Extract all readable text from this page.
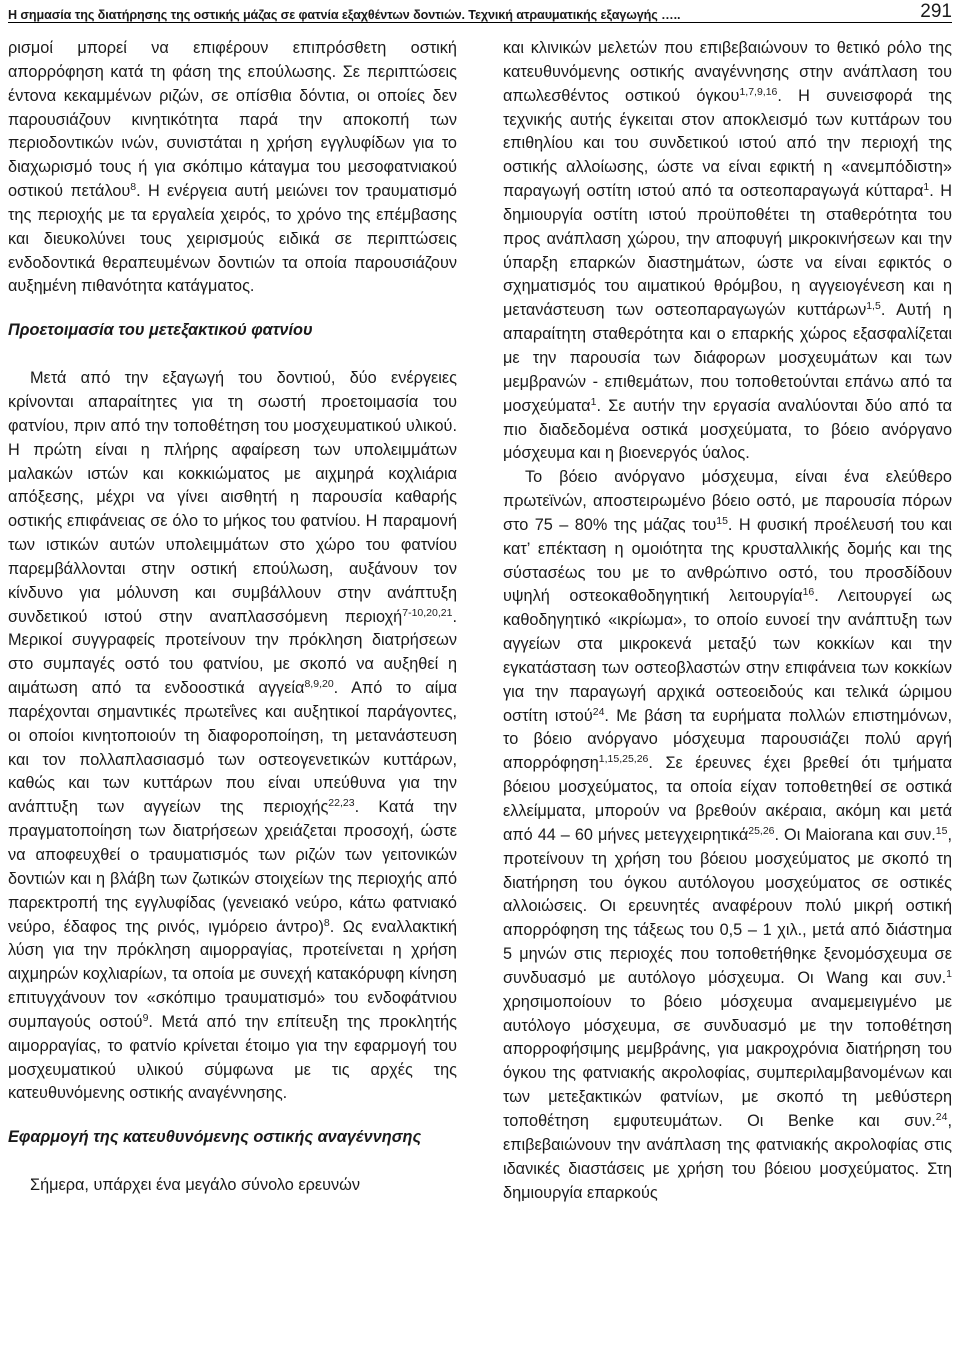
Η σημασία της διατήρησης της οστικής μάζας σε φατνία εξαχθέντων δοντιών. Τεχνική ατραυματικής εξαγωγής …..	291

ρισμοί μπορεί να επιφέρουν επιπρόσθετη οστική απορρόφηση κατά τη φάση της επούλωσης. Σε περιπτώσεις έντονα κεκαμμένων ριζών, σε οπίσθια δόντια, οι οποίες δεν παρουσιάζουν κινητικότητα παρά την αποκοπή των περιοδοντικών ινών, συνιστάται η χρήση εγγλυφίδων για το διαχωρισμό τους ή για σκόπιμο κάταγμα του μεσοφατνιακού οστικού πετάλου$^8$. Η ενέργεια αυτή μειώνει τον τραυματισμό της περιοχής με τα εργαλεία χειρός, το χρόνο της επέμβασης και διευκολύνει τους χειρισμούς ειδικά σε περιπτώσεις ενδοδοντικά θεραπευμένων δοντιών τα οποία παρουσιάζουν αυξημένη πιθανότητα κατάγματος.

Προετοιμασία του μετεξακτικού φατνίου

Μετά από την εξαγωγή του δοντιού, δύο ενέργειες κρίνονται απαραίτητες για τη σωστή προετοιμασία του φατνίου, πριν από την τοποθέτηση του μοσχευματικού υλικού. Η πρώτη είναι η πλήρης αφαίρεση των υπολειμμάτων μαλακών ιστών και κοκκιώματος με αιχμηρά κοχλιάρια απόξεσης, μέχρι να γίνει αισθητή η παρουσία καθαρής οστικής επιφάνειας σε όλο το μήκος του φατνίου. Η παραμονή των ιστικών αυτών υπολειμμάτων στο χώρο του φατνίου παρεμβάλλονται στην οστική επούλωση, αυξάνουν τον κίνδυνο για μόλυνση και συμβάλλουν στην ανάπτυξη συνδετικού ιστού στην αναπλασσόμενη περιοχή$^{7-10,20,21}$. Μερικοί συγγραφείς προτείνουν την πρόκληση διατρήσεων στο συμπαγές οστό του φατνίου, με σκοπό να αυξηθεί η αιμάτωση από τα ενδοοστικά αγγεία$^{8,9,20}$. Από το αίμα παρέχονται σημαντικές πρωτεΐνες και αυξητικοί παράγοντες, οι οποίοι κινητοποιούν τη διαφοροποίηση, τη μετανάστευση και τον πολλαπλασιασμό των οστεογενετικών κυττάρων, καθώς και των κυττάρων που είναι υπεύθυνα για την ανάπτυξη των αγγείων της περιοχής$^{22,23}$. Κατά την πραγματοποίηση των διατρήσεων χρειάζεται προσοχή, ώστε να αποφευχθεί ο τραυματισμός των ριζών των γειτονικών δοντιών και η βλάβη των ζωτικών στοιχείων της περιοχής από παρεκτροπή της εγγλυφίδας (γενειακό νεύρο, κάτω φατνιακό νεύρο, έδαφος της ρινός, ιγμόρειο άντρο)$^8$. Ως εναλλακτική λύση για την πρόκληση αιμορραγίας, προτείνεται η χρήση αιχμηρών κοχλιαρίων, τα οποία με συνεχή κατακόρυφη κίνηση επιτυγχάνουν τον «σκόπιμο τραυματισμό» του ενδοφάτνιου συμπαγούς οστού$^9$. Μετά από την επίτευξη της προκλητής αιμορραγίας, το φατνίο κρίνεται έτοιμο για την εφαρμογή του μοσχευματικού υλικού σύμφωνα με τις αρχές της κατευθυνόμενης οστικής αναγέννησης.

Εφαρμογή της κατευθυνόμενης οστικής αναγέννησης

Σήμερα, υπάρχει ένα μεγάλο σύνολο ερευνών

και κλινικών μελετών που επιβεβαιώνουν το θετικό ρόλο της κατευθυνόμενης οστικής αναγέννησης στην ανάπλαση του απωλεσθέντος οστικού όγκου$^{1,7,9,16}$. Η συνεισφορά της τεχνικής αυτής έγκειται στον αποκλεισμό των κυττάρων του επιθηλίου και του συνδετικού ιστού από την περιοχή της οστικής αλλοίωσης, ώστε να είναι εφικτή η «ανεμπόδιστη» παραγωγή οστίτη ιστού από τα οστεοπαραγωγά κύτταρα$^1$. Η δημιουργία οστίτη ιστού προϋποθέτει τη σταθερότητα του προς ανάπλαση χώρου, την αποφυγή μικροκινήσεων και την ύπαρξη επαρκών διαστημάτων, ώστε να είναι εφικτός ο σχηματισμός του αιματικού θρόμβου, η αγγειογένεση και η μετανάστευση των οστεοπαραγωγών κυττάρων$^{1,5}$. Αυτή η απαραίτητη σταθερότητα και ο επαρκής χώρος εξασφαλίζεται με την παρουσία των διάφορων μοσχευμάτων και των μεμβρανών - επιθεμάτων, που τοποθετούνται επάνω από τα μοσχεύματα$^1$. Σε αυτήν την εργασία αναλύονται δύο από τα πιο διαδεδομένα οστικά μοσχεύματα, το βόειο ανόργανο μόσχευμα και η βιοενεργός ύαλος.

Το βόειο ανόργανο μόσχευμα, είναι ένα ελεύθερο πρωτεϊνών, αποστειρωμένο βόειο οστό, με παρουσία πόρων στο 75 – 80% της μάζας του$^{15}$. Η φυσική προέλευσή του και κατ’ επέκταση η ομοιότητα της κρυσταλλικής δομής και της σύστασέως του με το ανθρώπινο οστό, του προσδίδουν υψηλή οστεοκαθοδηγητική λειτουργία$^{16}$. Λειτουργεί ως καθοδηγητικό «ικρίωμα», το οποίο ευνοεί την ανάπτυξη των αγγείων στα μικροκενά μεταξύ των κοκκίων και την εγκατάσταση των οστεοβλαστών στην επιφάνεια των κοκκίων για την παραγωγή αρχικά οστεοειδούς και τελικά ώριμου οστίτη ιστού$^{24}$. Με βάση τα ευρήματα πολλών επιστημόνων, το βόειο ανόργανο μόσχευμα παρουσιάζει πολύ αργή απορρόφηση$^{1,15,25,26}$. Σε έρευνες έχει βρεθεί ότι τμήματα βόειου μοσχεύματος, τα οποία είχαν τοποθετηθεί σε οστικά ελλείμματα, μπορούν να βρεθούν ακέραια, ακόμη και μετά από 44 – 60 μήνες μετεγχειρητικά$^{25,26}$. Οι Maiorana και συν.$^{15}$, προτείνουν τη χρήση του βόειου μοσχεύματος με σκοπό τη διατήρηση του όγκου αυτόλογου μοσχεύματος σε οστικές αλλοιώσεις. Οι ερευνητές αναφέρουν πολύ μικρή οστική απορρόφηση της τάξεως του 0,5 – 1 χιλ., μετά από διάστημα 5 μηνών στις περιοχές που τοποθετήθηκε ξενομόσχευμα σε συνδυασμό με αυτόλογο μόσχευμα. Οι Wang και συν.$^1$ χρησιμοποίουν το βόειο μόσχευμα αναμεμειγμένο με αυτόλογο μόσχευμα, σε συνδυασμό με την τοποθέτηση απορροφήσιμης μεμβράνης, για μακροχρόνια διατήρηση του όγκου της φατνιακής ακρολοφίας, συμπεριλαμβανομένων και των μετεξακτικών φατνίων, με σκοπό τη μεθύστερη τοποθέτηση εμφυτευμάτων. Οι Benke και συν.$^{24}$, επιβεβαιώνουν την ανάπλαση της φατνιακής ακρολοφίας στις ιδανικές διαστάσεις με χρήση του βόειου μοσχεύματος. Στη δημιουργία επαρκούς
